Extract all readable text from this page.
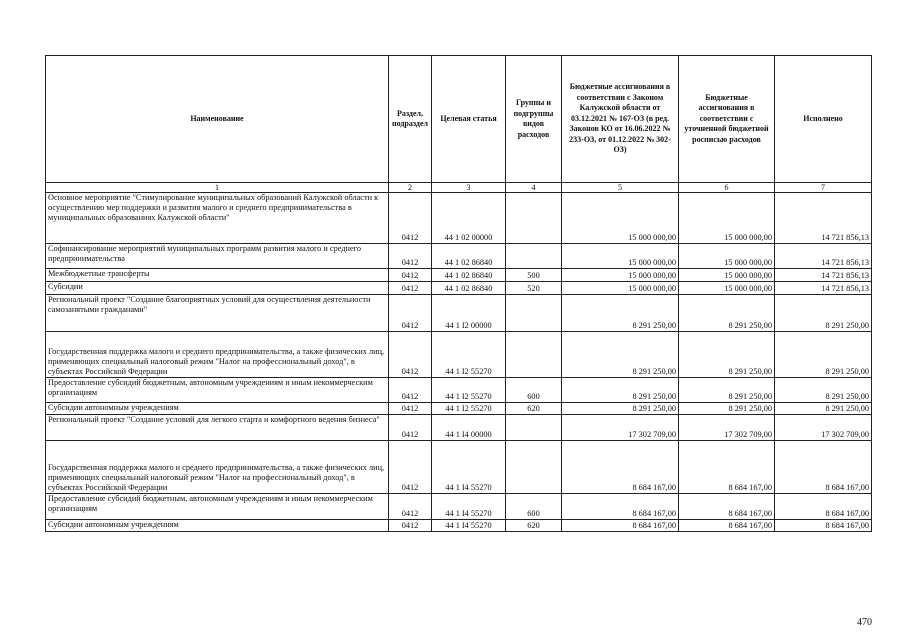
Наименование	Раздел, подраздел	Целевая статья	Группы и подгруппы видов расходов	Бюджетные ассигнования в соответствии с Законом Калужской области от 03.12.2021 № 167-ОЗ (в ред. Законов КО от 16.06.2022 № 233-ОЗ, от 01.12.2022 № 302-ОЗ)	Бюджетные ассигнования в соответствии с уточненной бюджетной росписью расходов	Исполнено
1	2	3	4	5	6	7
Основное мероприятие "Стимулирование муниципальных образований Калужской области к осуществлению мер поддержки и развития малого и среднего предпринимательства в муниципальных образованиях Калужской области"	0412	44 1 02 00000		15 000 000,00	15 000 000,00	14 721 856,13
Софинансирование мероприятий муниципальных программ развития малого и среднего предпринимательства	0412	44 1 02 86840		15 000 000,00	15 000 000,00	14 721 856,13
Межбюджетные трансферты	0412	44 1 02 86840	500	15 000 000,00	15 000 000,00	14 721 856,13
Субсидии	0412	44 1 02 86840	520	15 000 000,00	15 000 000,00	14 721 856,13
Региональный проект "Создание благоприятных условий для осуществления деятельности самозанятыми гражданами"	0412	44 1 I2 00000		8 291 250,00	8 291 250,00	8 291 250,00
Государственная поддержка малого и среднего предпринимательства, а также физических лиц, применяющих специальный налоговый режим "Налог на профессиональный доход", в субъектах Российской Федерации	0412	44 1 I2 55270		8 291 250,00	8 291 250,00	8 291 250,00
Предоставление субсидий бюджетным, автономным учреждениям и иным некоммерческим организациям	0412	44 1 I2 55270	600	8 291 250,00	8 291 250,00	8 291 250,00
Субсидии автономным учреждениям	0412	44 1 I2 55270	620	8 291 250,00	8 291 250,00	8 291 250,00
Региональный проект "Создание условий для легкого старта и комфортного ведения бизнеса"	0412	44 1 I4 00000		17 302 709,00	17 302 709,00	17 302 709,00
Государственная поддержка малого и среднего предпринимательства, а также физических лиц, применяющих специальный налоговый режим "Налог на профессиональный доход", в субъектах Российской Федерации	0412	44 1 I4 55270		8 684 167,00	8 684 167,00	8 684 167,00
Предоставление субсидий бюджетным, автономным учреждениям и иным некоммерческим организациям	0412	44 1 I4 55270	600	8 684 167,00	8 684 167,00	8 684 167,00
Субсидии автономным учреждениям	0412	44 1 I4 55270	620	8 684 167,00	8 684 167,00	8 684 167,00
470
